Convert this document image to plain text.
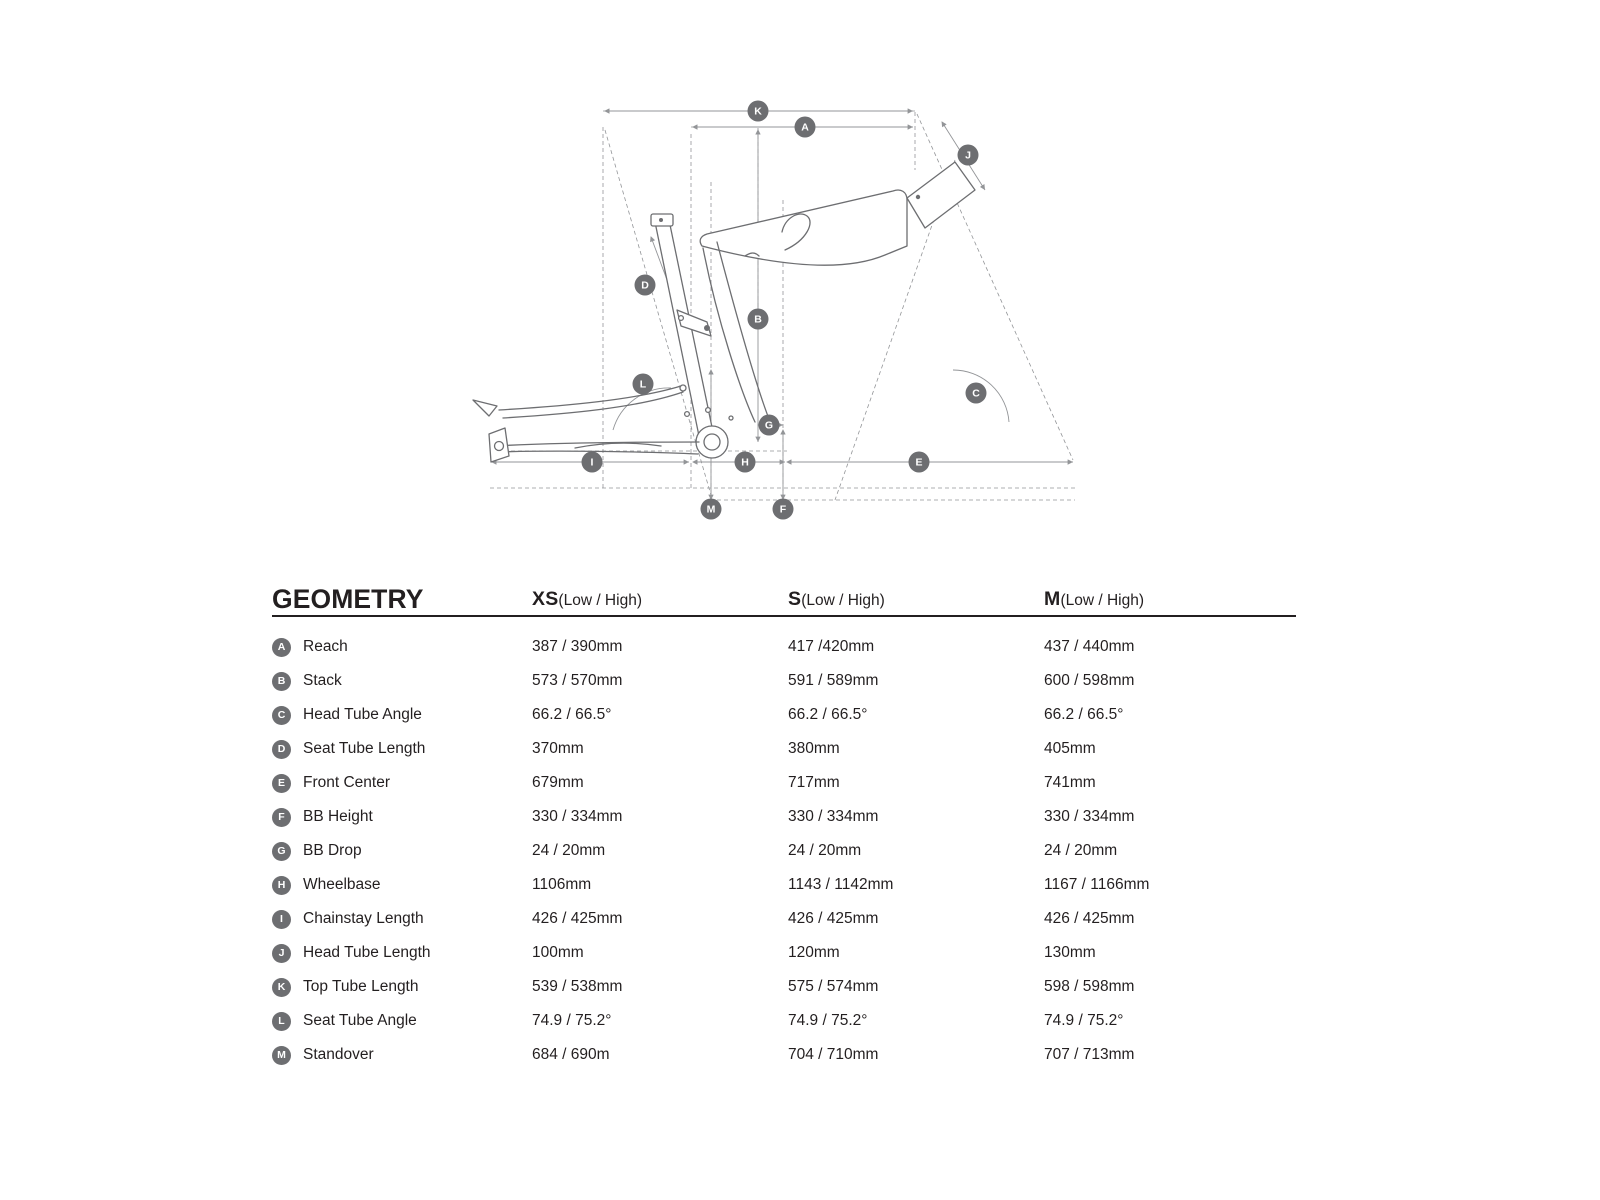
K
A
J
D
B
L
C
G
I	H	E
M	F
GEOMETRY	XS(Low / High)	S(Low / High)	M(Low / High)
A Reach	387 / 390mm	417 /420mm	437 / 440mm
B Stack	573 / 570mm	591 / 589mm	600 / 598mm
C Head Tube Angle	66.2 / 66.5°	66.2 / 66.5°	66.2 / 66.5°
D Seat Tube Length	370mm	380mm	405mm
E Front Center	679mm	717mm	741mm
F BB Height	330 / 334mm	330 / 334mm	330 / 334mm
G BB Drop	24 / 20mm	24 / 20mm	24 / 20mm
H Wheelbase	1106mm	1143 / 1142mm	1167 / 1166mm
I Chainstay Length	426 / 425mm	426 / 425mm	426 / 425mm
J Head Tube Length	100mm	120mm	130mm
K Top Tube Length	539 / 538mm	575 / 574mm	598 / 598mm
L Seat Tube Angle	74.9 / 75.2°	74.9 / 75.2°	74.9 / 75.2°
M Standover	684 / 690m	704 / 710mm	707 / 713mm
